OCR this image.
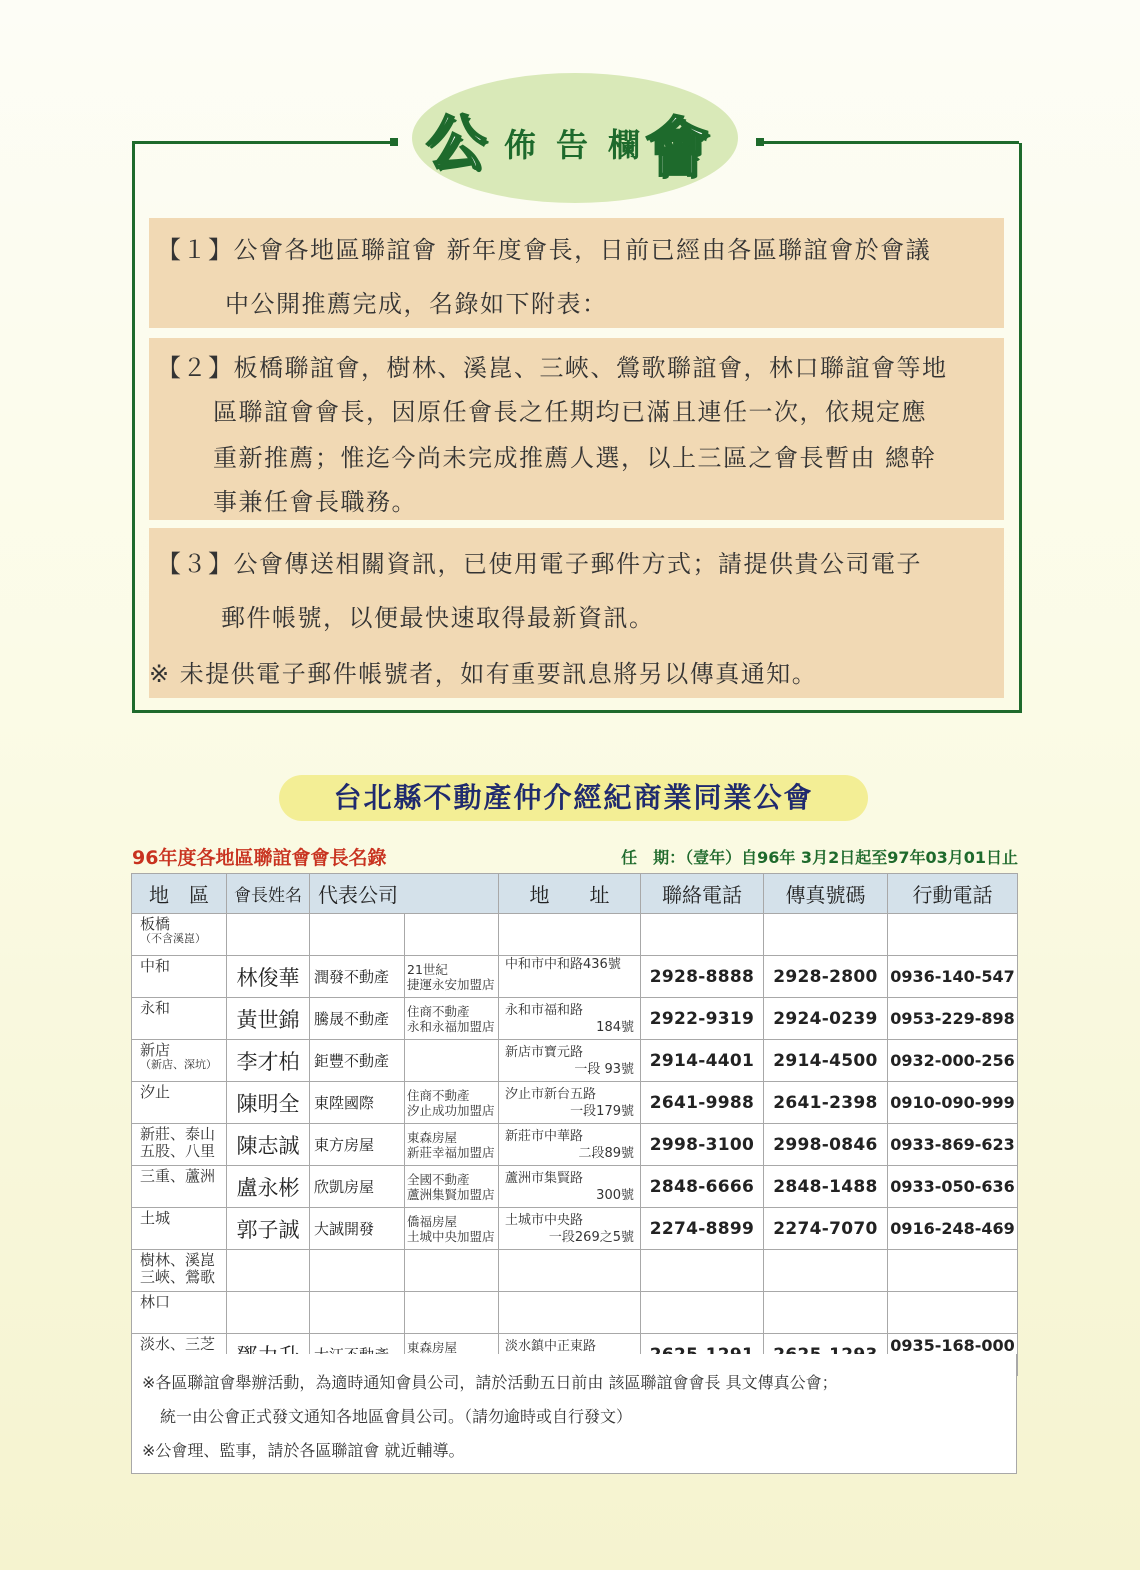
公 佈告欄
會
【１】公會各地區聯誼會 新年度會長，日前已經由各區聯誼會於會議
中公開推薦完成，名錄如下附表：
【２】板橋聯誼會，樹林、溪崑、三峽、鶯歌聯誼會，林口聯誼會等地
區聯誼會會長，因原任會長之任期均已滿且連任一次，依規定應
重新推薦；惟迄今尚未完成推薦人選，以上三區之會長暫由 總幹
事兼任會長職務。
【３】公會傳送相關資訊，已使用電子郵件方式；請提供貴公司電子
郵件帳號，以便最快速取得最新資訊。
※ 未提供電子郵件帳號者，如有重要訊息將另以傳真通知。
台北縣不動產仲介經紀商業同業公會
96年度各地區聯誼會會長名錄	任　期：（壹年）自96年 3月2日起至97年03月01日止
地　區	會長姓名	代表公司		地　　址	聯絡電話	傳真號碼	行動電話
板橋
（不含溪崑）							

中和	林俊華	潤發不動產	21世紀
捷運永安加盟店	中和市中和路436號	2928-8888	2928-2800	0936-140-547

永和	黃世錦	騰晟不動產	住商不動產
永和永福加盟店	永和市福和路
184號	2922-9319	2924-0239	0953-229-898

新店
（新店、深坑）	李才柏	鉅豐不動產		新店市寶元路
一段 93號	2914-4401	2914-4500	0932-000-256

汐止	陳明全	東陞國際	住商不動產
汐止成功加盟店	汐止市新台五路
一段179號	2641-9988	2641-2398	0910-090-999

新莊、泰山
五股、八里	陳志誠	東方房屋	東森房屋
新莊幸福加盟店	新莊市中華路
二段89號	2998-3100	2998-0846	0933-869-623

三重、蘆洲	盧永彬	欣凱房屋	全國不動產
蘆洲集賢加盟店	蘆洲市集賢路
300號	2848-6666	2848-1488	0933-050-636

土城	郭子誠	大誠開發	僑福房屋
土城中央加盟店	土城市中央路
一段269之5號	2274-8899	2274-7070	0916-248-469

樹林、溪崑
三峽、鶯歌							

林口

淡水、三芝			東森房屋	淡水鎮中正東路			0935-168-000
※各區聯誼會舉辦活動，為適時通知會員公司，請於活動五日前由 該區聯誼會會長 具文傳真公會；
統一由公會正式發文通知各地區會員公司。（請勿逾時或自行發文）
※公會理、監事，請於各區聯誼會 就近輔導。
